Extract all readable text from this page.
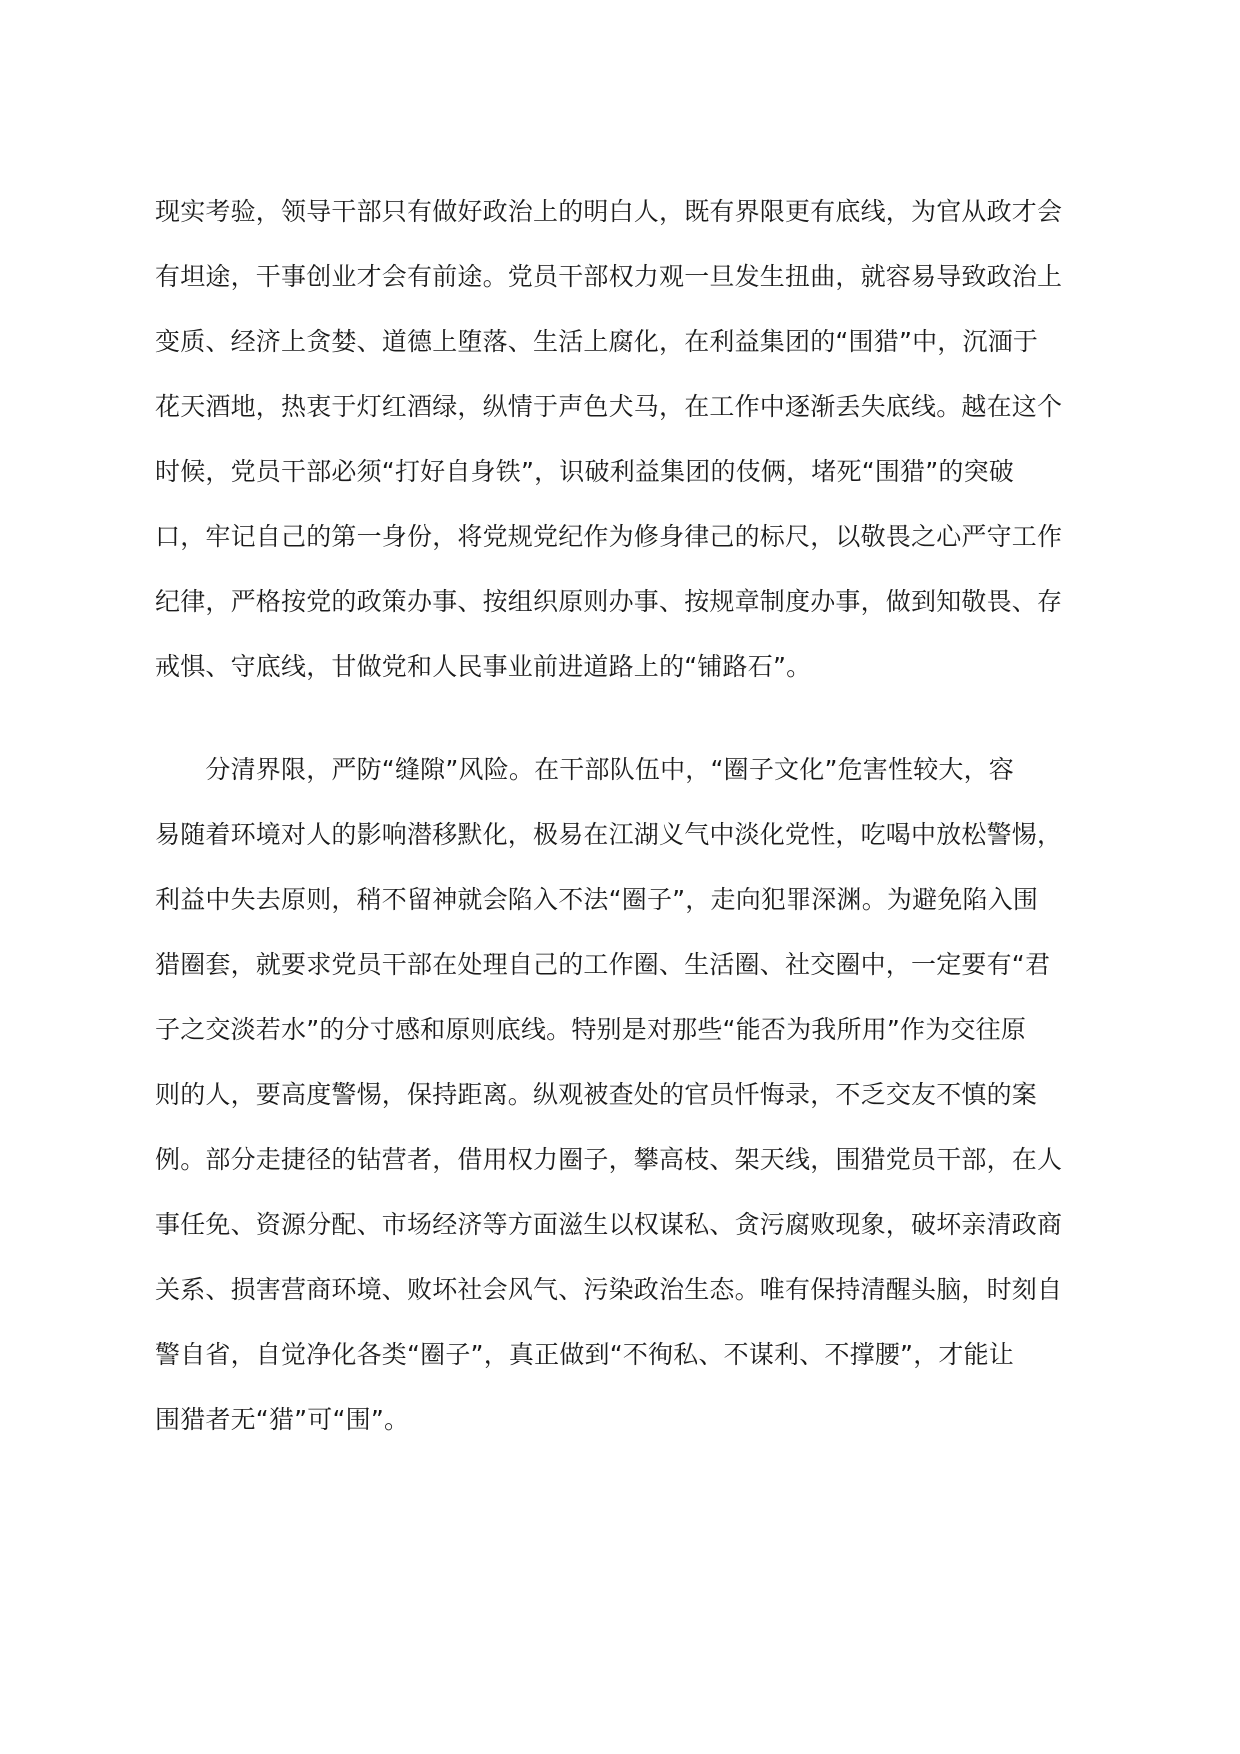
现实考验，领导干部只有做好政治上的明白人，既有界限更有底线，为官从政才会
有坦途，干事创业才会有前途。党员干部权力观一旦发生扭曲，就容易导致政治上
变质、经济上贪婪、道德上堕落、生活上腐化，在利益集团的“围猎”中，沉湎于
花天酒地，热衷于灯红酒绿，纵情于声色犬马，在工作中逐渐丢失底线。越在这个
时候，党员干部必须“打好自身铁”，识破利益集团的伎俩，堵死“围猎”的突破
口，牢记自己的第一身份，将党规党纪作为修身律己的标尺，以敬畏之心严守工作
纪律，严格按党的政策办事、按组织原则办事、按规章制度办事，做到知敬畏、存
戒惧、守底线，甘做党和人民事业前进道路上的“铺路石”。
　　分清界限，严防“缝隙”风险。在干部队伍中，“圈子文化”危害性较大，容
易随着环境对人的影响潜移默化，极易在江湖义气中淡化党性，吃喝中放松警惕，
利益中失去原则，稍不留神就会陷入不法“圈子”，走向犯罪深渊。为避免陷入围
猎圈套，就要求党员干部在处理自己的工作圈、生活圈、社交圈中，一定要有“君
子之交淡若水”的分寸感和原则底线。特别是对那些“能否为我所用”作为交往原
则的人，要高度警惕，保持距离。纵观被查处的官员忏悔录，不乏交友不慎的案
例。部分走捷径的钻营者，借用权力圈子，攀高枝、架天线，围猎党员干部，在人
事任免、资源分配、市场经济等方面滋生以权谋私、贪污腐败现象，破坏亲清政商
关系、损害营商环境、败坏社会风气、污染政治生态。唯有保持清醒头脑，时刻自
警自省，自觉净化各类“圈子”，真正做到“不徇私、不谋利、不撑腰”，才能让
围猎者无“猎”可“围”。
